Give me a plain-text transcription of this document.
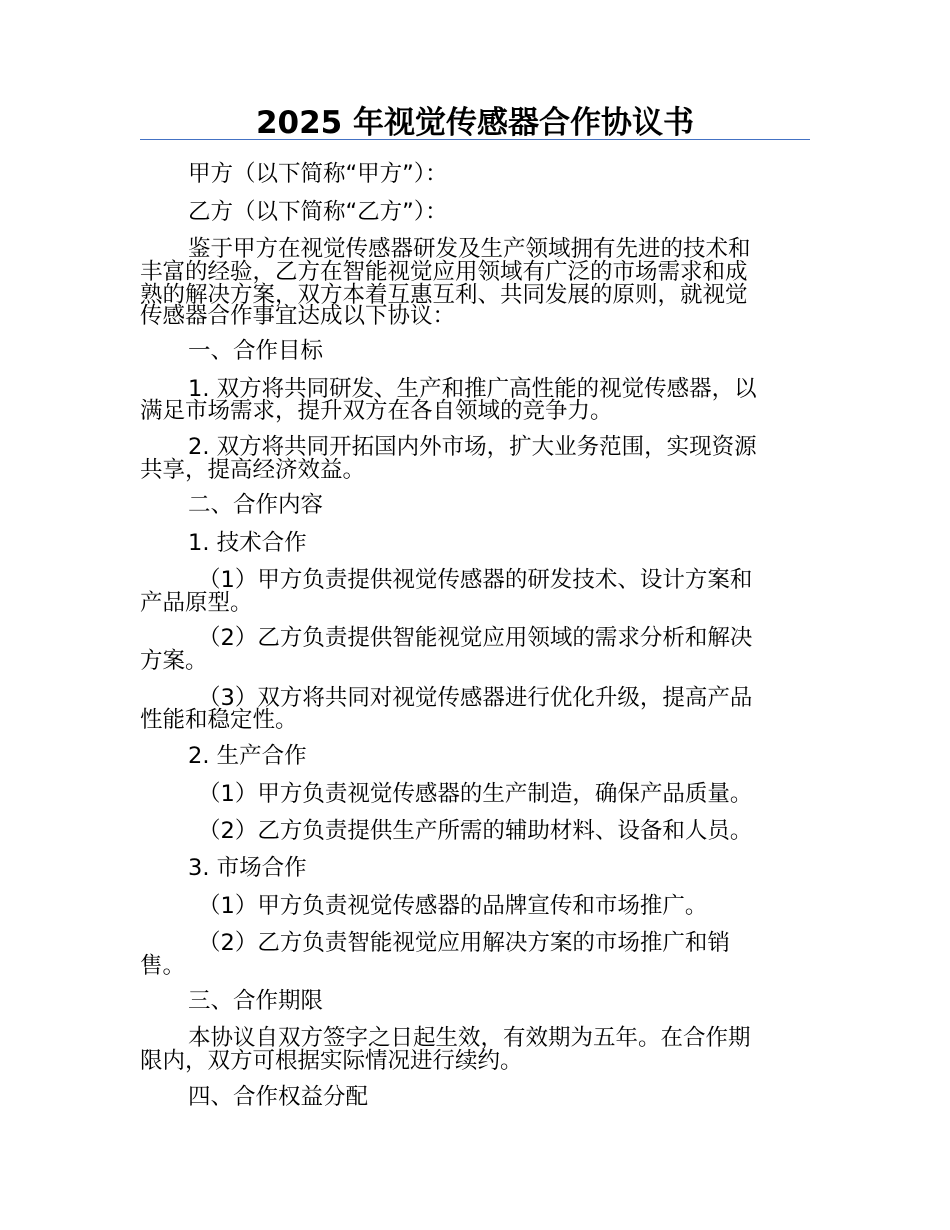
2025 年视觉传感器合作协议书
甲方（以下简称“甲方”）：
乙方（以下简称“乙方”）：
鉴于甲方在视觉传感器研发及生产领域拥有先进的技术和
丰富的经验，乙方在智能视觉应用领域有广泛的市场需求和成
熟的解决方案，双方本着互惠互利、共同发展的原则，就视觉
传感器合作事宜达成以下协议：
一、合作目标
1. 双方将共同研发、生产和推广高性能的视觉传感器，以
满足市场需求，提升双方在各自领域的竞争力。
2. 双方将共同开拓国内外市场，扩大业务范围，实现资源
共享，提高经济效益。
二、合作内容
1. 技术合作
（1）甲方负责提供视觉传感器的研发技术、设计方案和
产品原型。
（2）乙方负责提供智能视觉应用领域的需求分析和解决
方案。
（3）双方将共同对视觉传感器进行优化升级，提高产品
性能和稳定性。
2. 生产合作
（1）甲方负责视觉传感器的生产制造，确保产品质量。
（2）乙方负责提供生产所需的辅助材料、设备和人员。
3. 市场合作
（1）甲方负责视觉传感器的品牌宣传和市场推广。
（2）乙方负责智能视觉应用解决方案的市场推广和销
售。
三、合作期限
本协议自双方签字之日起生效，有效期为五年。在合作期
限内，双方可根据实际情况进行续约。
四、合作权益分配
